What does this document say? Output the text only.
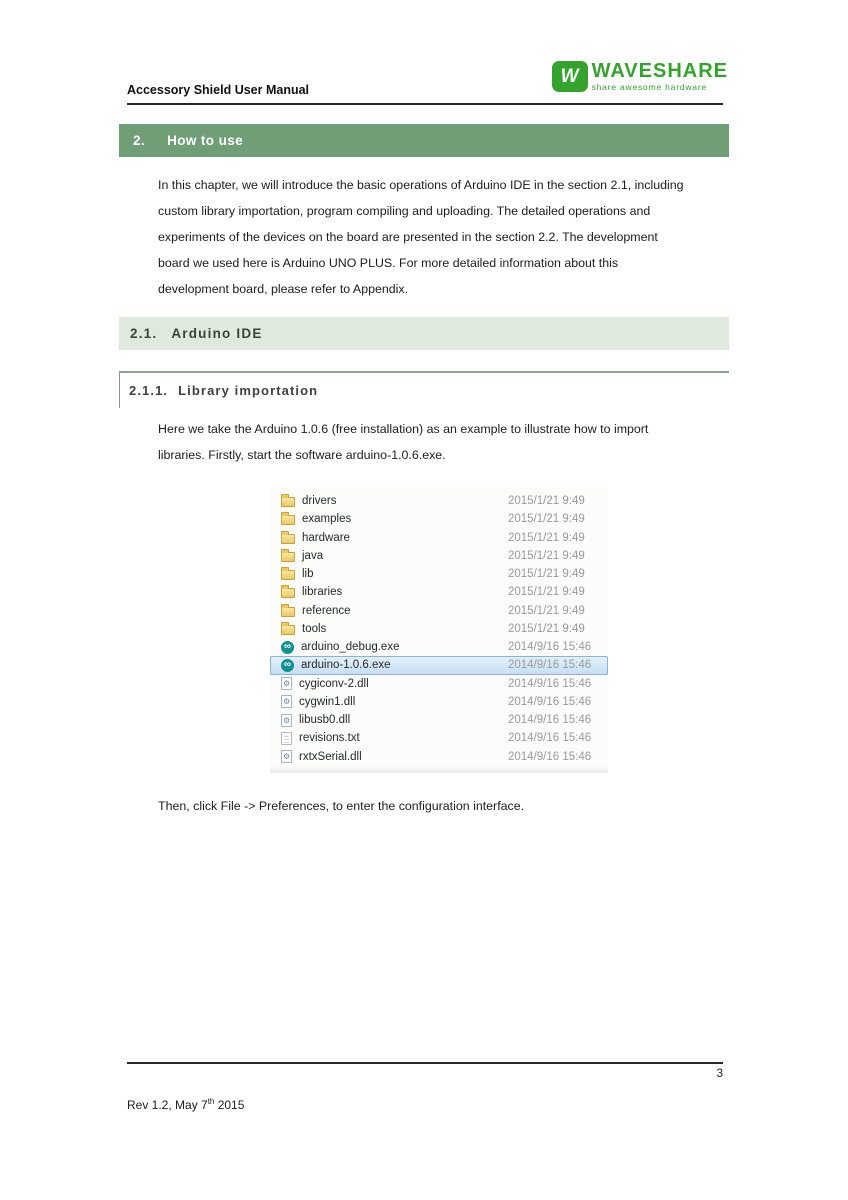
Accessory Shield User Manual
W WAVESHARE
share awesome hardware
2. How to use
In this chapter, we will introduce the basic operations of Arduino IDE in the section 2.1, including
custom library importation, program compiling and uploading. The detailed operations and
experiments of the devices on the board are presented in the section 2.2. The development
board we used here is Arduino UNO PLUS. For more detailed information about this
development board, please refer to Appendix.
2.1. Arduino IDE
2.1.1. Library importation
Here we take the Arduino 1.0.6 (free installation) as an example to illustrate how to import
libraries. Firstly, start the software arduino-1.0.6.exe.
drivers	2015/1/21 9:49
examples	2015/1/21 9:49
hardware	2015/1/21 9:49
java	2015/1/21 9:49
lib	2015/1/21 9:49
libraries	2015/1/21 9:49
reference	2015/1/21 9:49
tools	2015/1/21 9:49
∞
arduino_debug.exe	2014/9/16 15:46
∞
arduino-1.0.6.exe	2014/9/16 15:46
⚙
cygiconv-2.dll	2014/9/16 15:46
⚙
cygwin1.dll	2014/9/16 15:46
⚙
libusb0.dll	2014/9/16 15:46
revisions.txt	2014/9/16 15:46
⚙
rxtxSerial.dll	2014/9/16 15:46
Then, click File -> Preferences, to enter the configuration interface.
3
Rev 1.2, May 7th 2015
